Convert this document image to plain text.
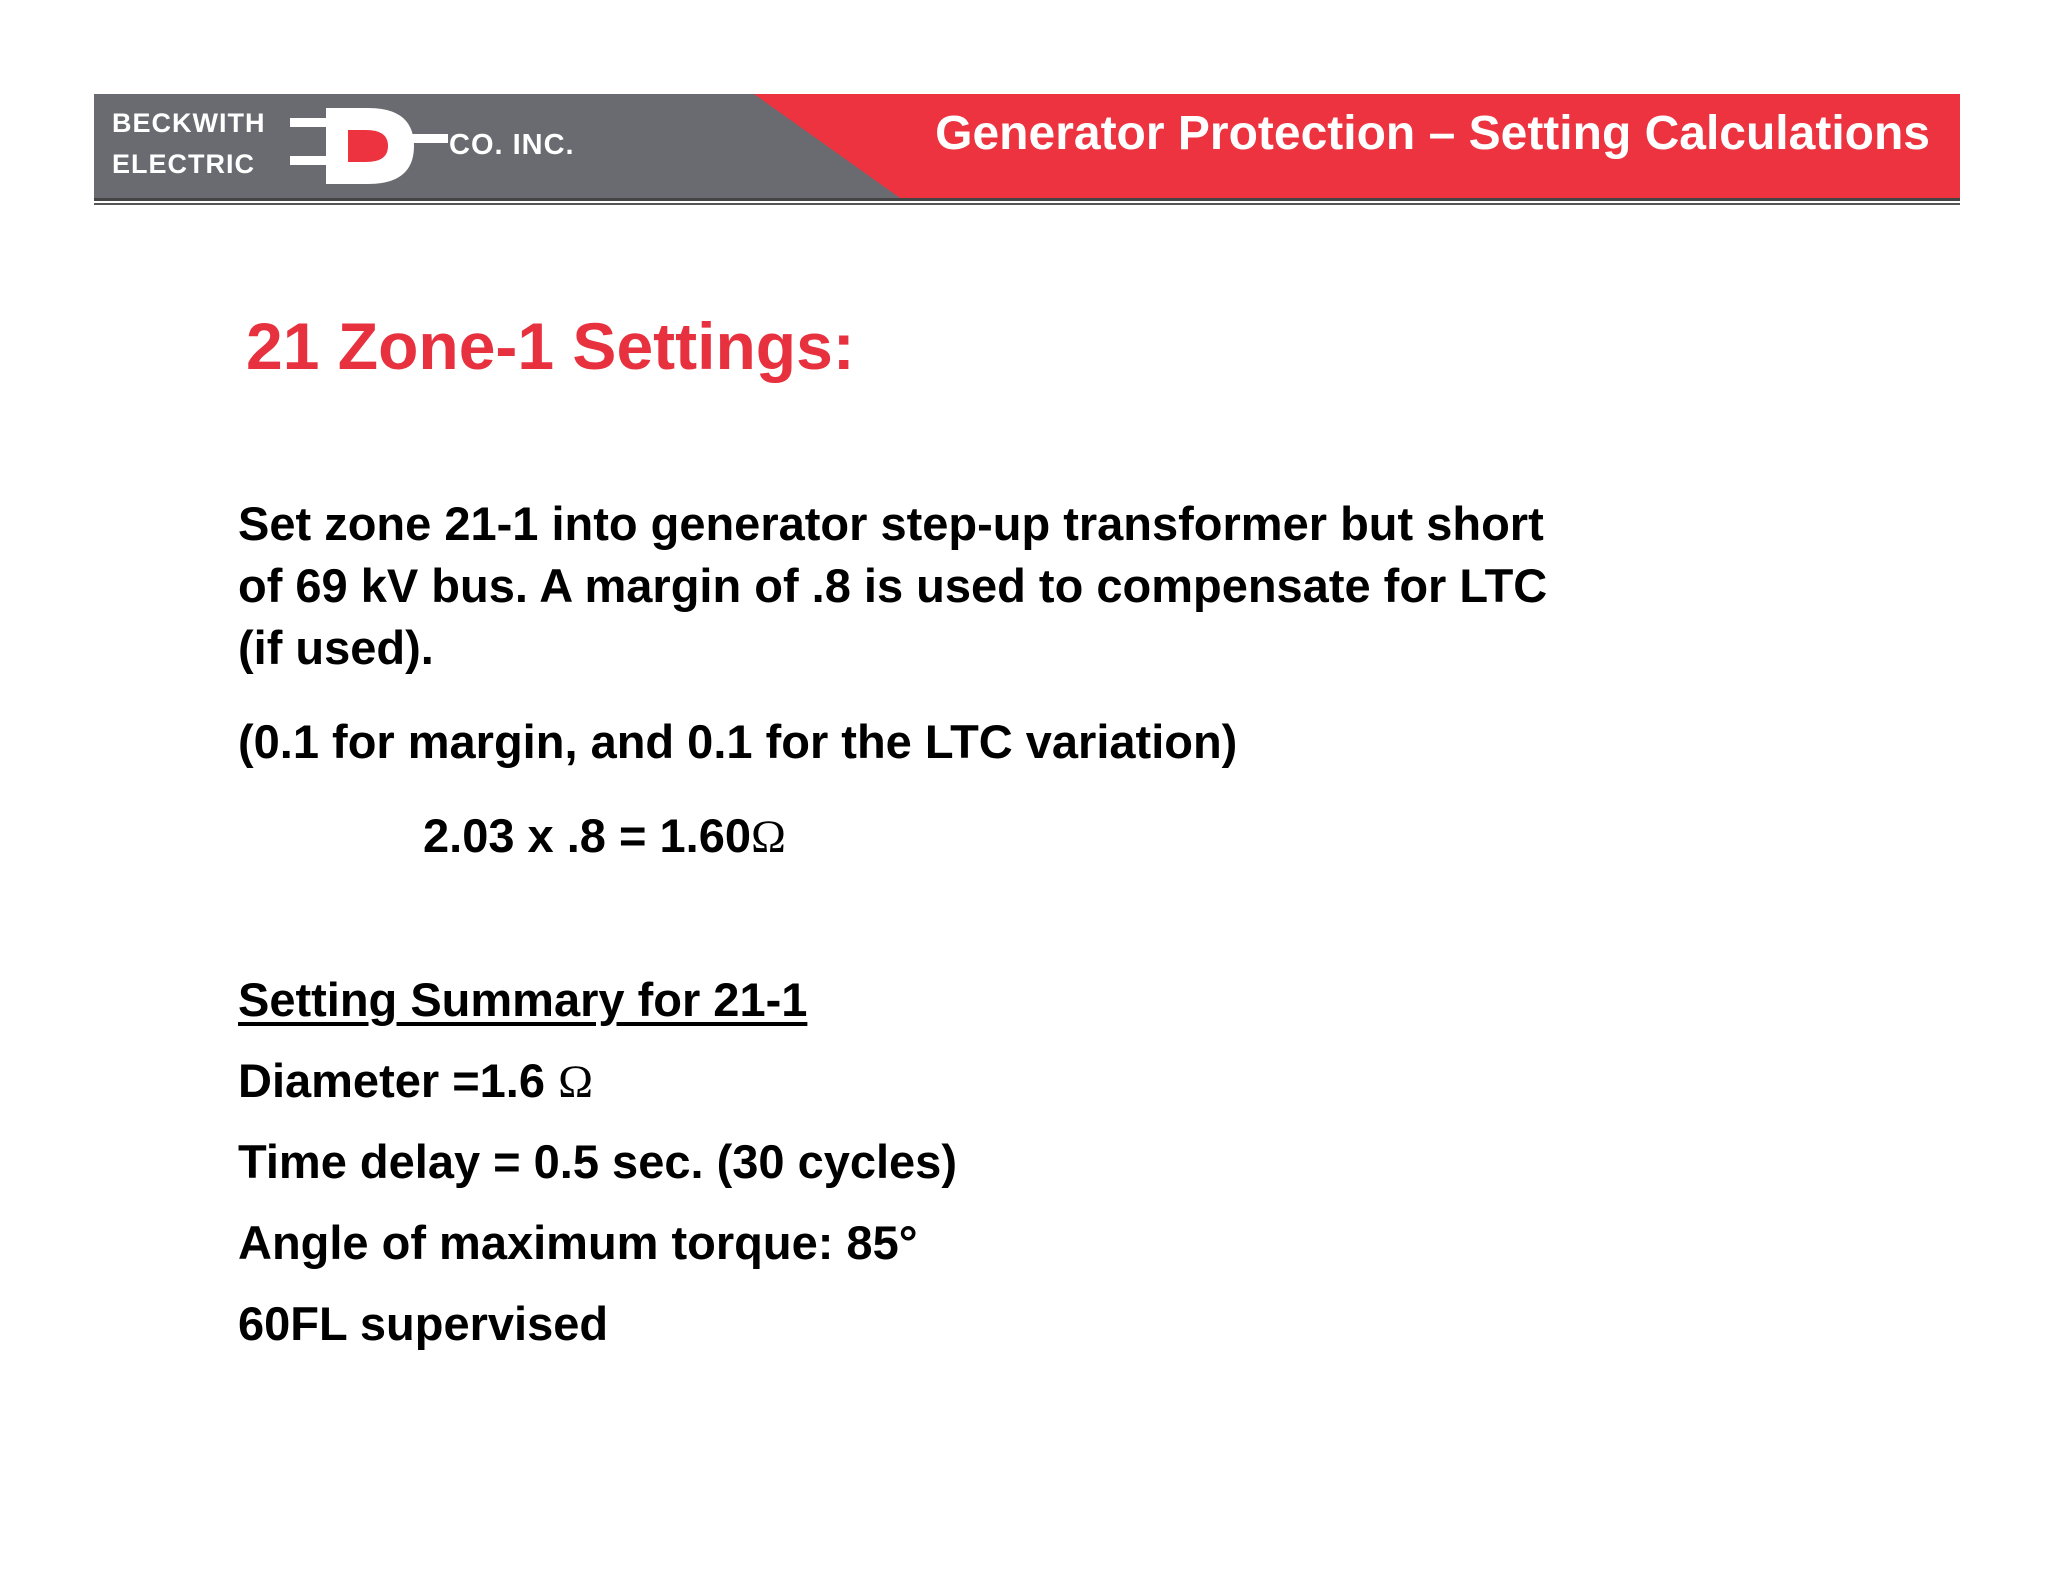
BECKWITH
ELECTRIC
CO. INC.	Generator Protection – Setting Calculations
21 Zone-1 Settings:
Set zone 21-1 into generator step-up transformer but short
of 69 kV bus. A margin of .8 is used to compensate for LTC
(if used).
(0.1 for margin, and 0.1 for the LTC variation)
2.03 x .8 = 1.60Ω
Setting Summary for 21-1
Diameter =1.6 Ω
Time delay = 0.5 sec. (30 cycles)
Angle of maximum torque: 85°
60FL supervised
